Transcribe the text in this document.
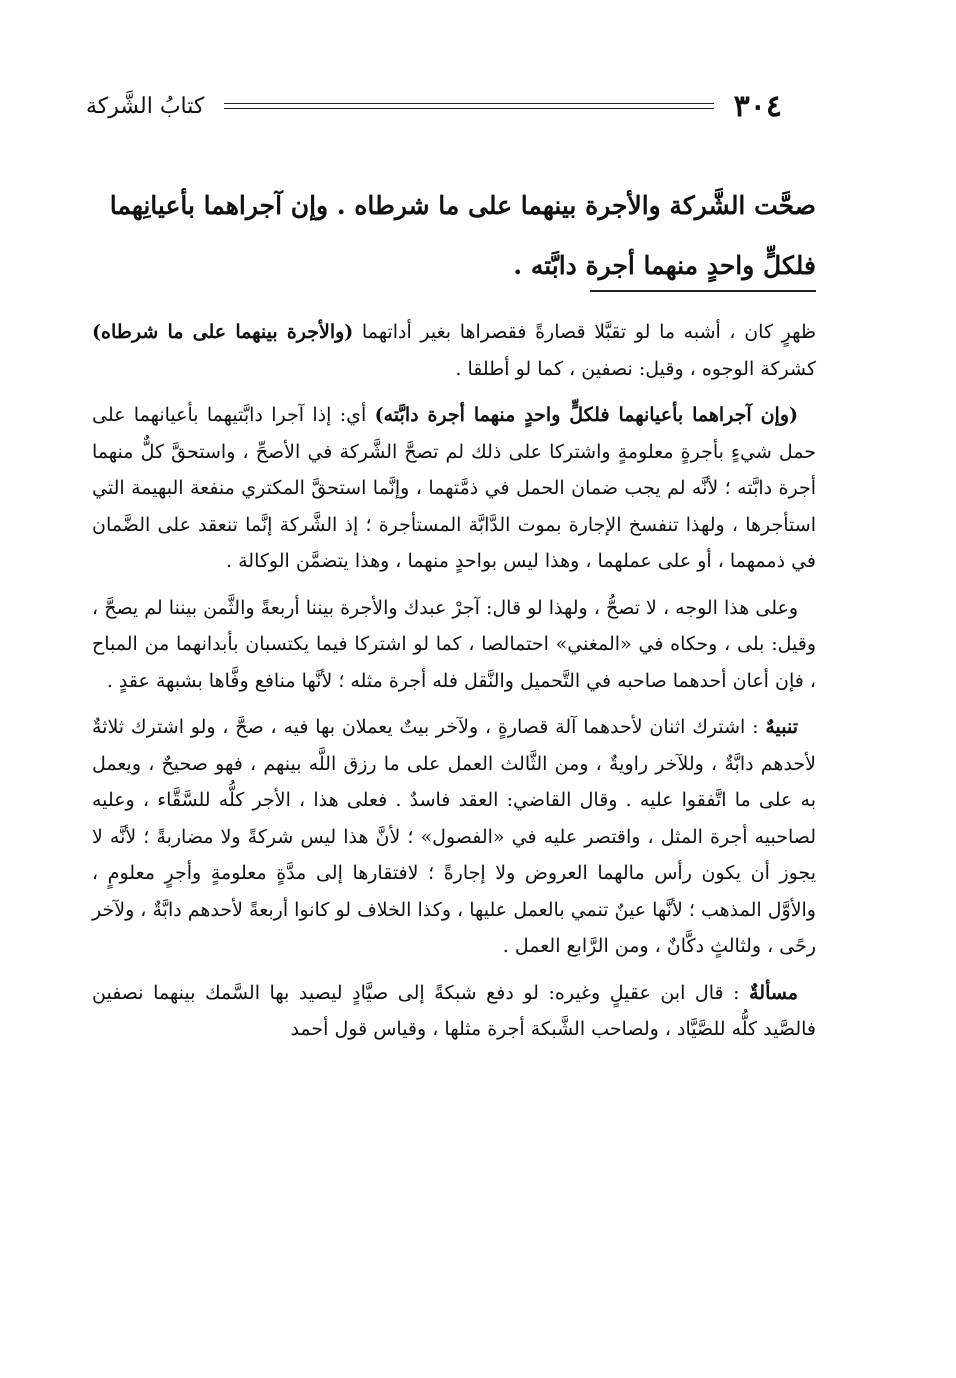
٣٠٤
كتابُ الشَّركة

صحَّت الشَّركة والأجرة بينهما على ما شرطاه . وإن آجراهما بأعيانِهما

فلكلٍّ واحدٍ منهما أجرة دابَّته .

ظهرٍ كان ، أشبه ما لو تقبَّلا قصارةً فقصراها بغير أداتهما (والأجرة بينهما على ما شرطاه) كشركة الوجوه ، وقيل: نصفين ، كما لو أطلقا .

(وإن آجراهما بأعيانهما فلكلٍّ واحدٍ منهما أجرة دابَّته) أي: إذا آجرا دابَّتيهما بأعيانهما على حمل شيءٍ بأجرةٍ معلومةٍ واشتركا على ذلك لم تصحَّ الشَّركة في الأصحِّ ، واستحقَّ كلٌّ منهما أجرة دابَّته ؛ لأنَّه لم يجب ضمان الحمل في ذمَّتهما ، وإنَّما استحقَّ المكتري منفعة البهيمة التي استأجرها ، ولهذا تنفسخ الإجارة بموت الدَّابَّة المستأجرة ؛ إذ الشَّركة إنَّما تنعقد على الضَّمان في ذممهما ، أو على عملهما ، وهذا ليس بواحدٍ منهما ، وهذا يتضمَّن الوكالة .

وعلى هذا الوجه ، لا تصحُّ ، ولهذا لو قال: آجرْ عبدك والأجرة بيننا أربعةً والثَّمن بيننا لم يصحَّ ، وقيل: بلى ، وحكاه في «المغني» احتمالصا ، كما لو اشتركا فيما يكتسبان بأبدانهما من المباح ، فإن أعان أحدهما صاحبه في التَّحميل والنَّقل فله أجرة مثله ؛ لأنَّها منافع وفَّاها بشبهة عقدٍ .

تنبيهٌ : اشترك اثنان لأحدهما آلة قصارةٍ ، ولآخر بيتٌ يعملان بها فيه ، صحَّ ، ولو اشترك ثلاثةٌ لأحدهم دابَّةٌ ، وللآخر راويةٌ ، ومن الثَّالث العمل على ما رزق اللَّه بينهم ، فهو صحيحٌ ، ويعمل به على ما اتَّفقوا عليه . وقال القاضي: العقد فاسدٌ . فعلى هذا ، الأجر كلُّه للسَّقَّاء ، وعليه لصاحبيه أجرة المثل ، واقتصر عليه في «الفصول» ؛ لأنَّ هذا ليس شركةً ولا مضاربةً ؛ لأنَّه لا يجوز أن يكون رأس مالهما العروض ولا إجارةً ؛ لافتقارها إلى مدَّةٍ معلومةٍ وأجرٍ معلومٍ ، والأوَّل المذهب ؛ لأنَّها عينٌ تنمي بالعمل عليها ، وكذا الخلاف لو كانوا أربعةً لأحدهم دابَّةٌ ، ولآخر رحًى ، ولثالثٍ دكَّانٌ ، ومن الرَّابع العمل .

مسألةٌ : قال ابن عقيلٍ وغيره: لو دفع شبكةً إلى صيَّادٍ ليصيد بها السَّمك بينهما نصفين فالصَّيد كلُّه للصَّيَّاد ، ولصاحب الشَّبكة أجرة مثلها ، وقياس قول أحمد
